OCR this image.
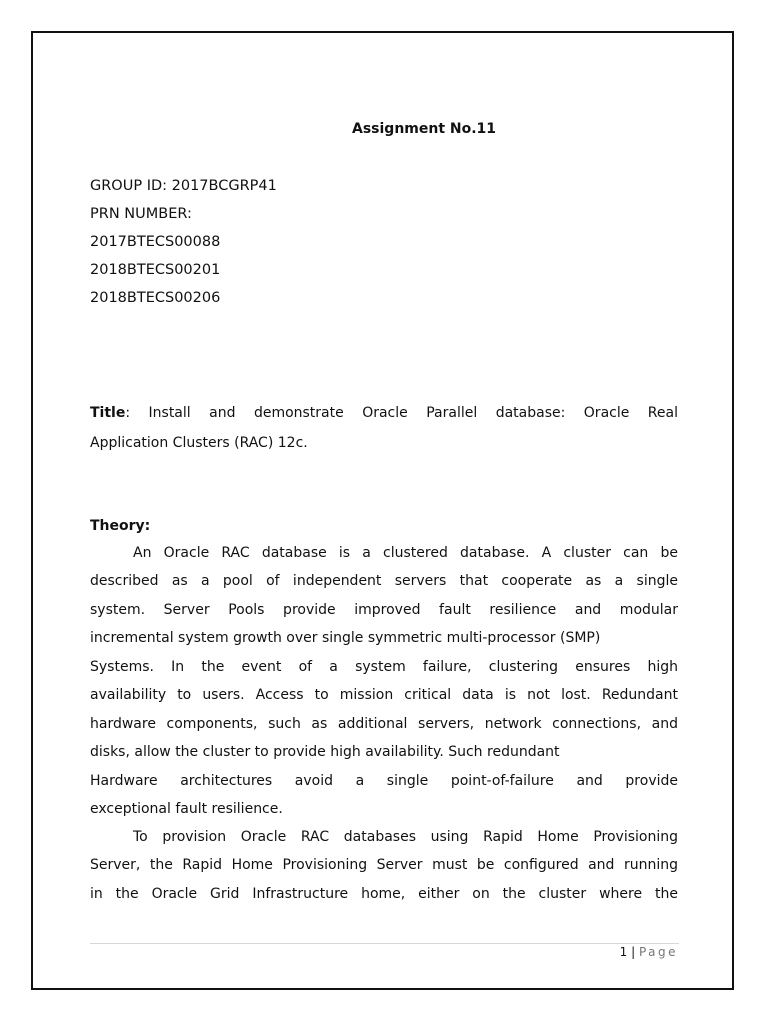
Assignment No.11
GROUP ID: 2017BCGRP41
PRN NUMBER:
2017BTECS00088
2018BTECS00201
2018BTECS00206
Title: Install and demonstrate Oracle Parallel database: Oracle Real
Application Clusters (RAC) 12c.
Theory:
An Oracle RAC database is a clustered database. A cluster can be
described as a pool of independent servers that cooperate as a single
system. Server Pools provide improved fault resilience and modular
incremental system growth over single symmetric multi-processor (SMP)
Systems. In the event of a system failure, clustering ensures high
availability to users. Access to mission critical data is not lost. Redundant
hardware components, such as additional servers, network connections, and
disks, allow the cluster to provide high availability. Such redundant
Hardware architectures avoid a single point-of-failure and provide
exceptional fault resilience.
To provision Oracle RAC databases using Rapid Home Provisioning
Server, the Rapid Home Provisioning Server must be configured and running
in the Oracle Grid Infrastructure home, either on the cluster where the
1 | Page
